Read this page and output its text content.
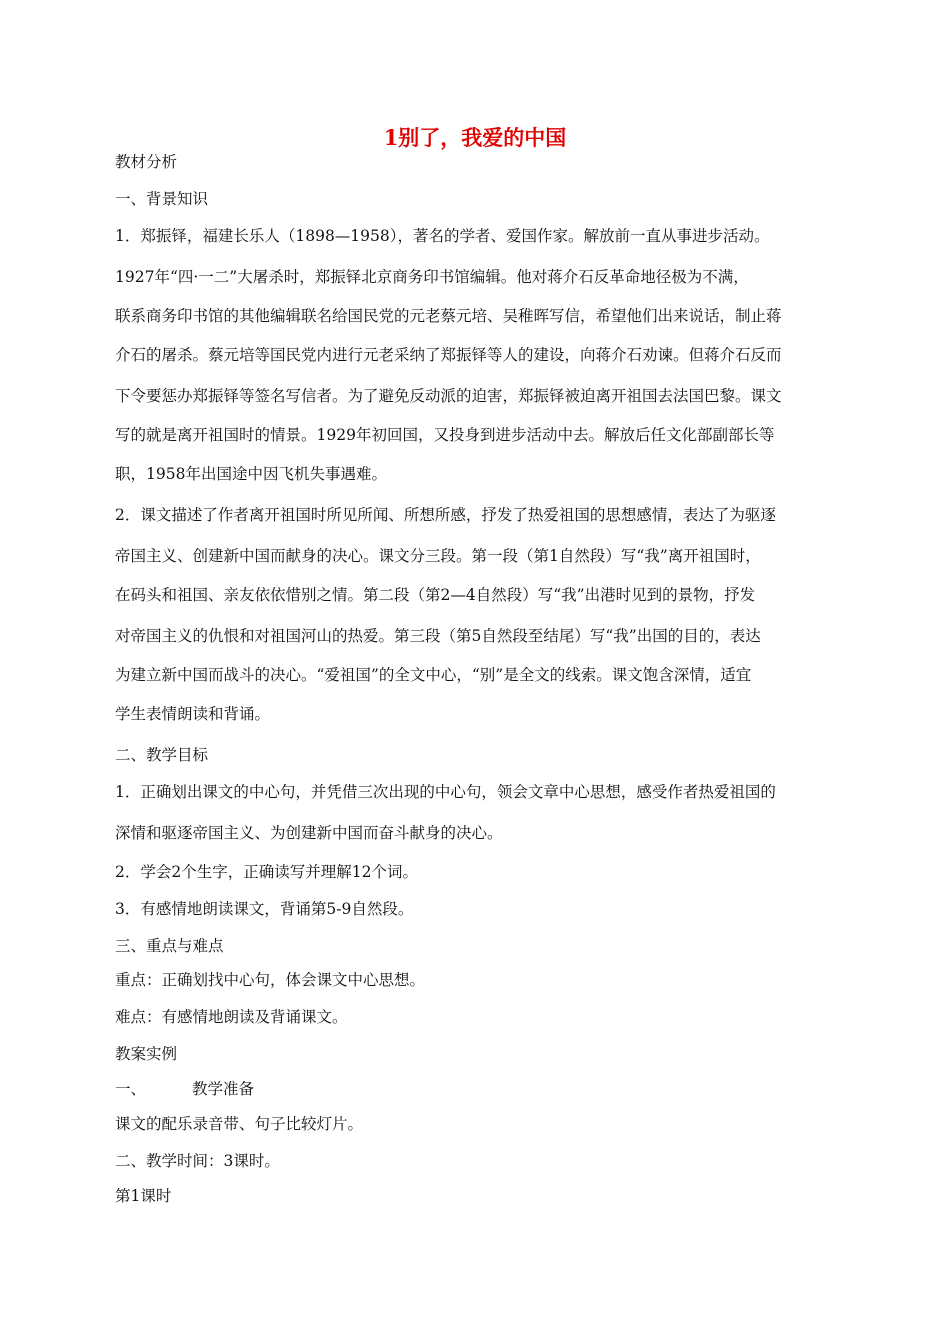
1别了，我爱的中国
教材分析
一、背景知识
1．郑振铎，福建长乐人（1898—1958），著名的学者、爱国作家。解放前一直从事进步活动。
1927年“四·一二”大屠杀时，郑振铎北京商务印书馆编辑。他对蒋介石反革命地径极为不满，
联系商务印书馆的其他编辑联名给国民党的元老蔡元培、吴稚晖写信，希望他们出来说话，制止蒋
介石的屠杀。蔡元培等国民党内进行元老采纳了郑振铎等人的建设，向蒋介石劝谏。但蒋介石反而
下令要惩办郑振铎等签名写信者。为了避免反动派的迫害，郑振铎被迫离开祖国去法国巴黎。课文
写的就是离开祖国时的情景。1929年初回国，又投身到进步活动中去。解放后任文化部副部长等
职，1958年出国途中因飞机失事遇难。
2．课文描述了作者离开祖国时所见所闻、所想所感，抒发了热爱祖国的思想感情，表达了为驱逐
帝国主义、创建新中国而献身的决心。课文分三段。第一段（第1自然段）写“我”离开祖国时，
在码头和祖国、亲友依依惜别之情。第二段（第2—4自然段）写“我”出港时见到的景物，抒发
对帝国主义的仇恨和对祖国河山的热爱。第三段（第5自然段至结尾）写“我”出国的目的，表达
为建立新中国而战斗的决心。“爱祖国”的全文中心，“别”是全文的线索。课文饱含深情，适宜
学生表情朗读和背诵。
二、教学目标
1．正确划出课文的中心句，并凭借三次出现的中心句，领会文章中心思想，感受作者热爱祖国的
深情和驱逐帝国主义、为创建新中国而奋斗献身的决心。
2．学会2个生字，正确读写并理解12个词。
3．有感情地朗读课文，背诵第5-9自然段。
三、重点与难点
重点：正确划找中心句，体会课文中心思想。
难点：有感情地朗读及背诵课文。
教案实例
一、	教学准备
课文的配乐录音带、句子比较灯片。
二、教学时间：3课时。
第1课时
